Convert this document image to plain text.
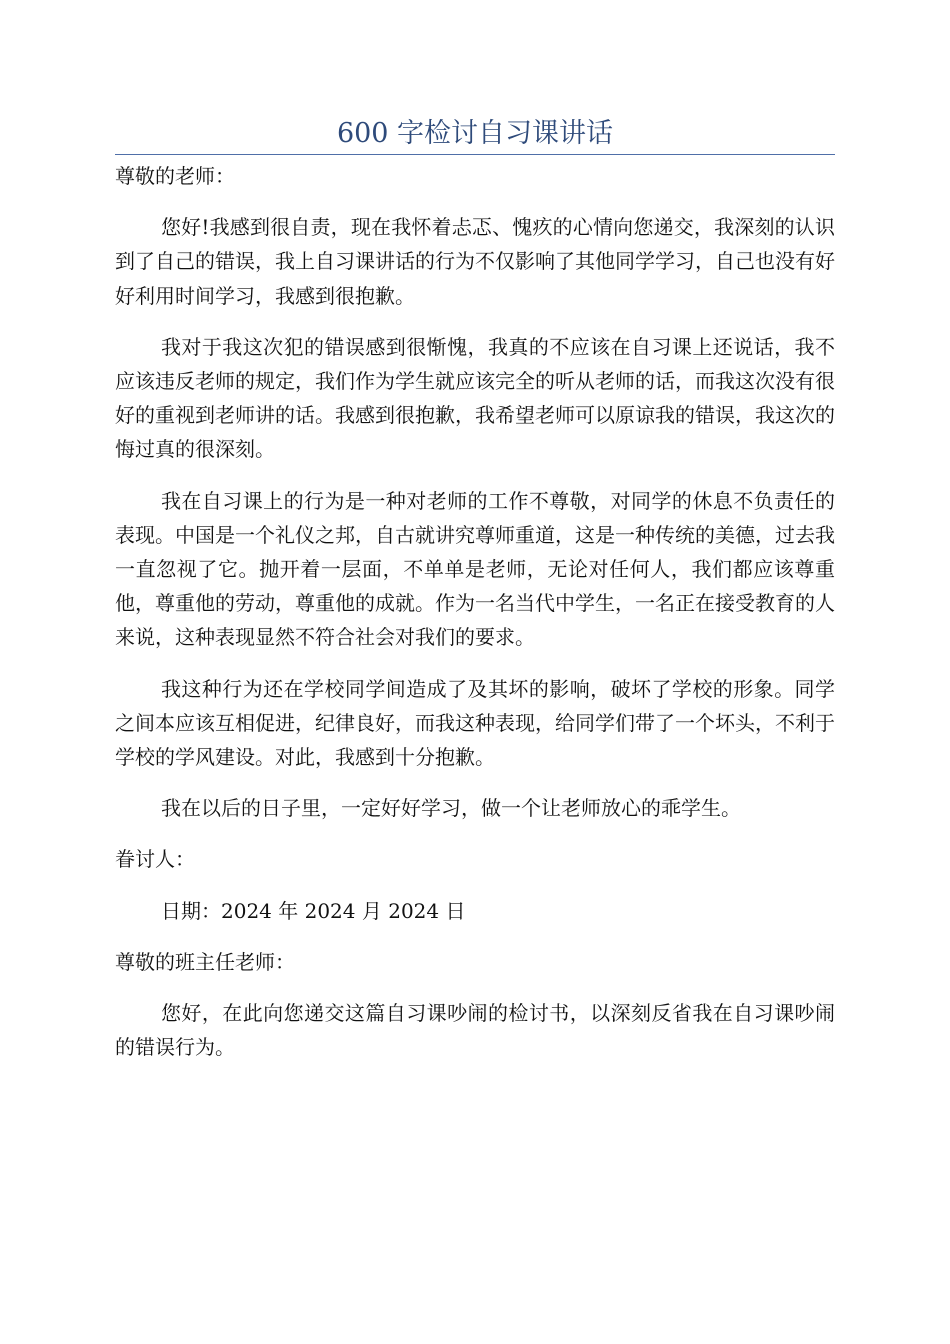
600 字检讨自习课讲话

尊敬的老师：

您好!我感到很自责，现在我怀着忐忑、愧疚的心情向您递交，我深刻的认识到了自己的错误，我上自习课讲话的行为不仅影响了其他同学学习，自己也没有好好利用时间学习，我感到很抱歉。

我对于我这次犯的错误感到很惭愧，我真的不应该在自习课上还说话，我不应该违反老师的规定，我们作为学生就应该完全的听从老师的话，而我这次没有很好的重视到老师讲的话。我感到很抱歉，我希望老师可以原谅我的错误，我这次的悔过真的很深刻。

我在自习课上的行为是一种对老师的工作不尊敬，对同学的休息不负责任的表现。中国是一个礼仪之邦，自古就讲究尊师重道，这是一种传统的美德，过去我一直忽视了它。抛开着一层面，不单单是老师，无论对任何人，我们都应该尊重他，尊重他的劳动，尊重他的成就。作为一名当代中学生，一名正在接受教育的人来说，这种表现显然不符合社会对我们的要求。

我这种行为还在学校同学间造成了及其坏的影响，破坏了学校的形象。同学之间本应该互相促进，纪律良好，而我这种表现，给同学们带了一个坏头，不利于学校的学风建设。对此，我感到十分抱歉。

我在以后的日子里，一定好好学习，做一个让老师放心的乖学生。

眷讨人：

日期：2024 年 2024 月 2024 日

尊敬的班主任老师：

您好，在此向您递交这篇自习课吵闹的检讨书，以深刻反省我在自习课吵闹的错误行为。
